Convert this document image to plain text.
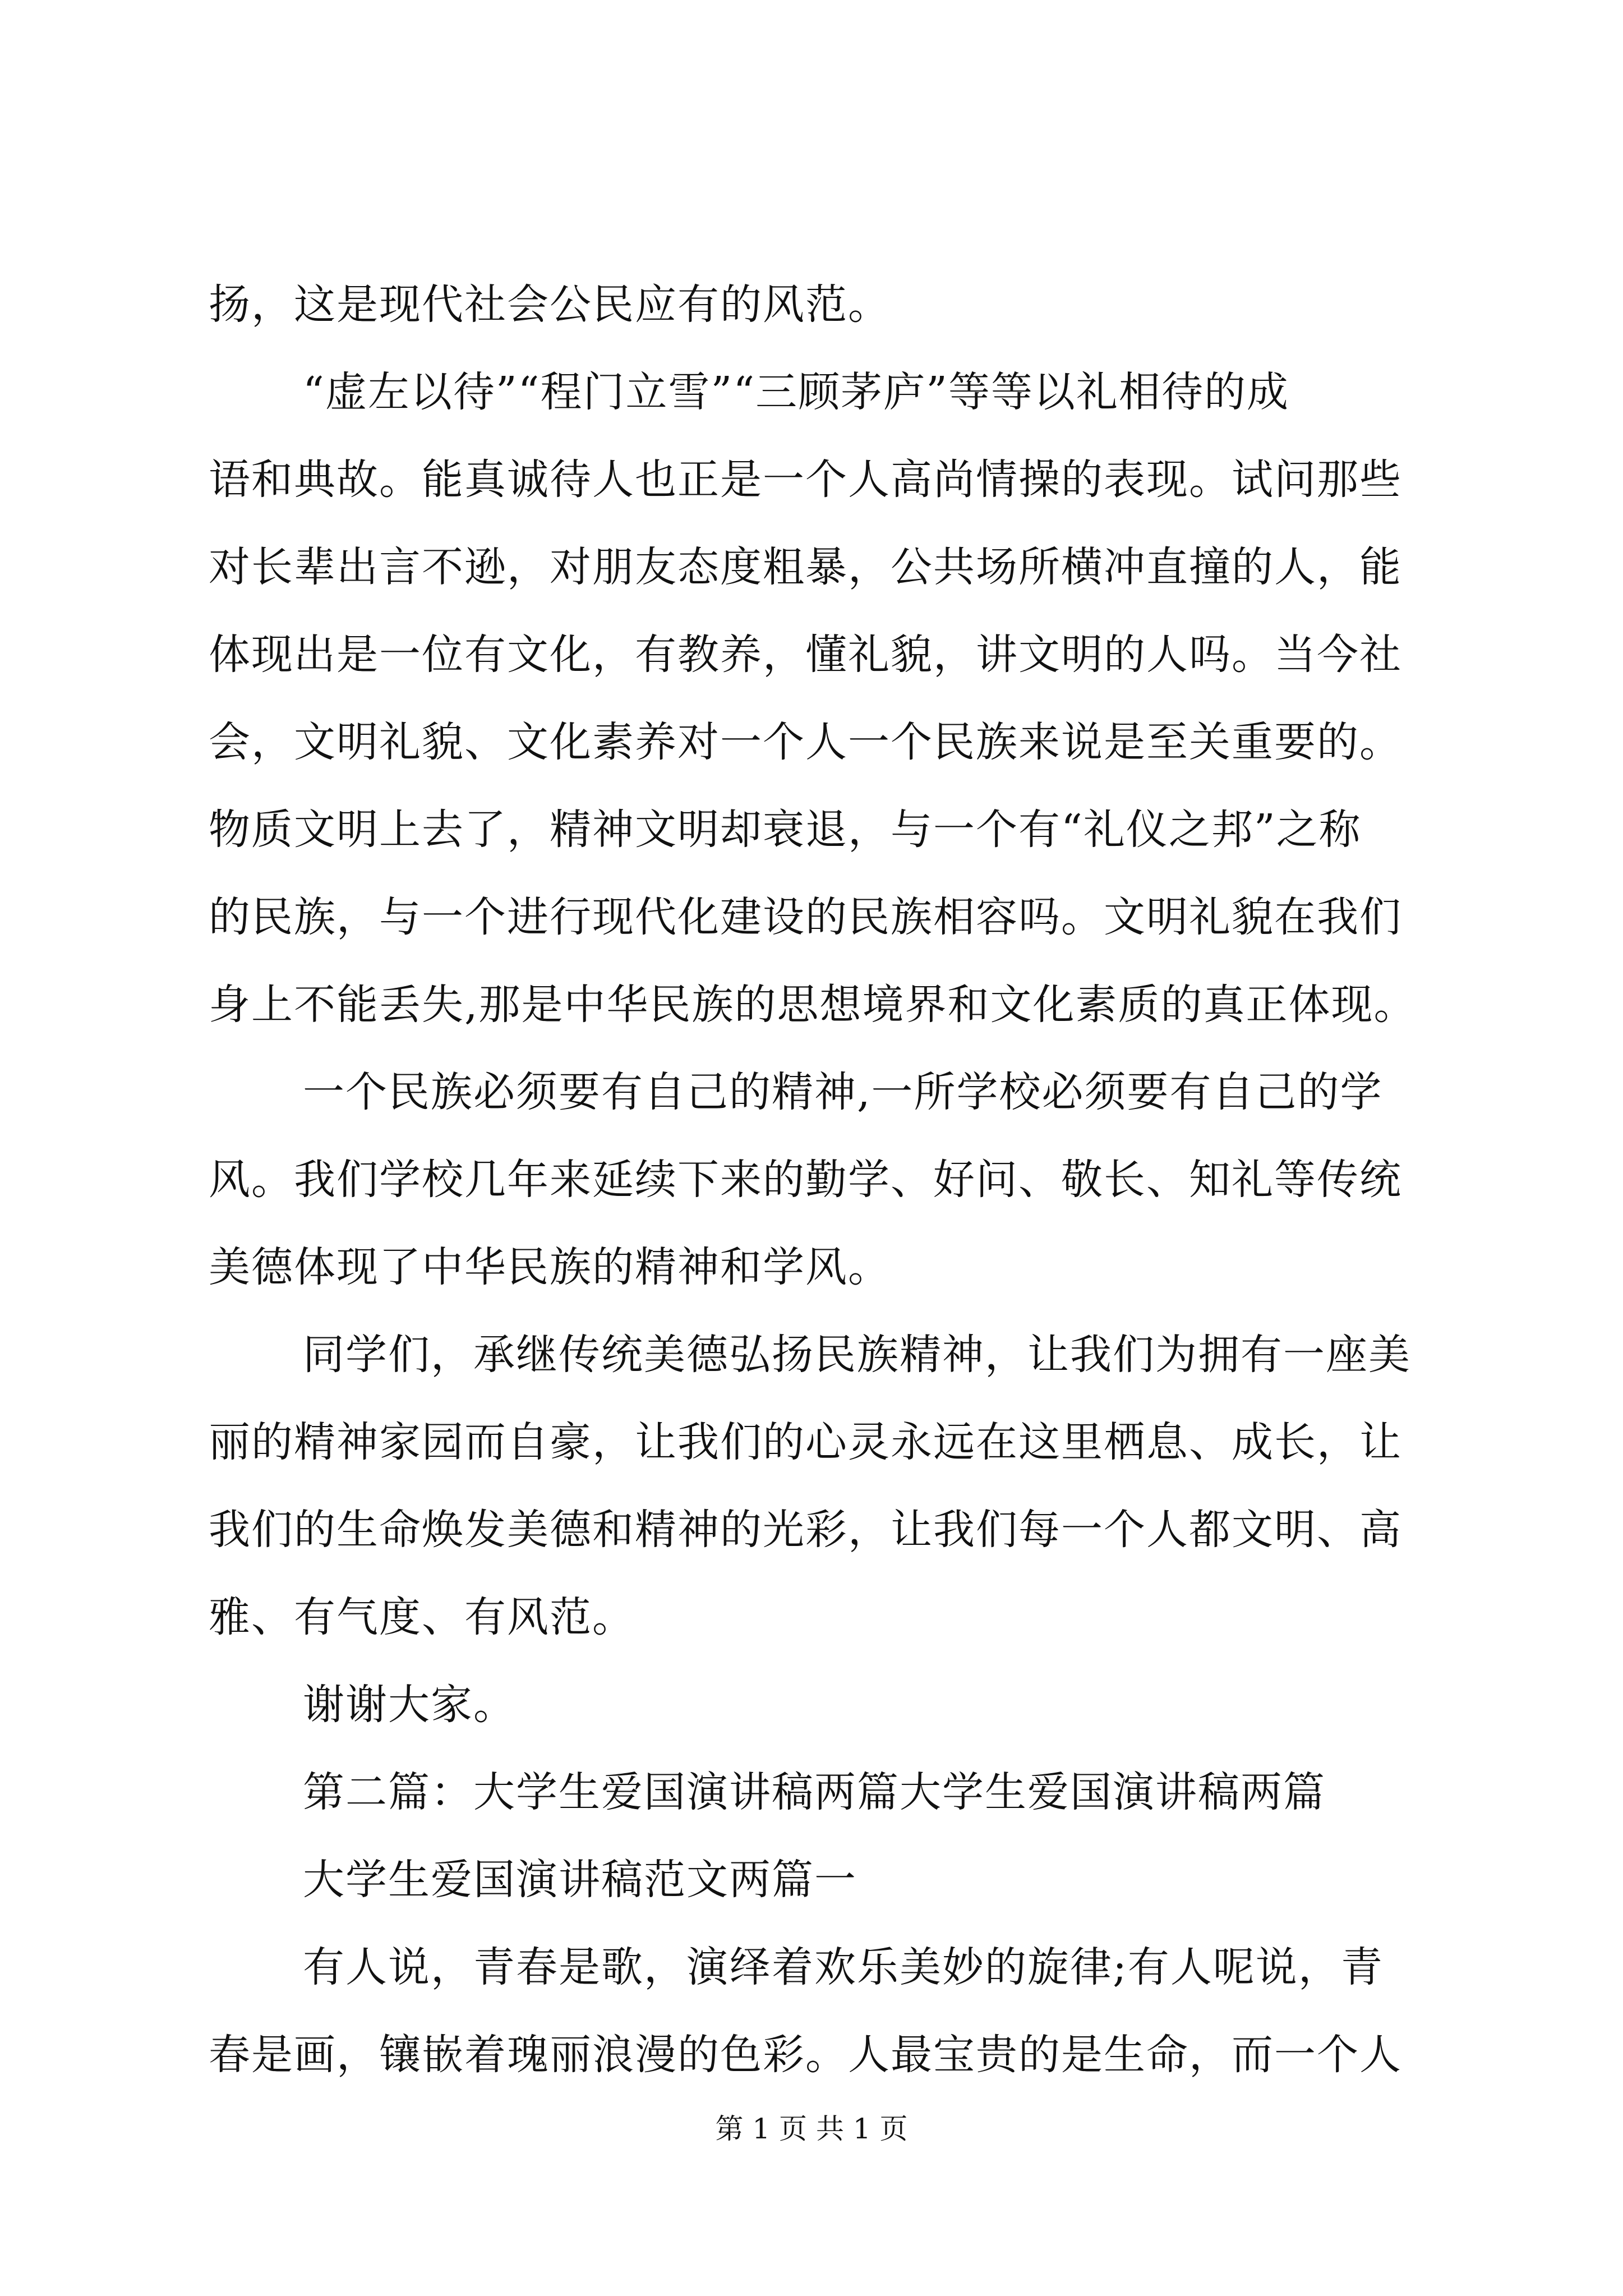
扬，这是现代社会公民应有的风范。
“虚左以待”“程门立雪”“三顾茅庐”等等以礼相待的成
语和典故。能真诚待人也正是一个人高尚情操的表现。试问那些
对长辈出言不逊，对朋友态度粗暴，公共场所横冲直撞的人，能
体现出是一位有文化，有教养，懂礼貌，讲文明的人吗。当今社
会，文明礼貌、文化素养对一个人一个民族来说是至关重要的。
物质文明上去了，精神文明却衰退，与一个有“礼仪之邦”之称
的民族，与一个进行现代化建设的民族相容吗。文明礼貌在我们
身上不能丢失,那是中华民族的思想境界和文化素质的真正体现。
一个民族必须要有自己的精神,一所学校必须要有自己的学
风。我们学校几年来延续下来的勤学、好问、敬长、知礼等传统
美德体现了中华民族的精神和学风。
同学们，承继传统美德弘扬民族精神，让我们为拥有一座美
丽的精神家园而自豪，让我们的心灵永远在这里栖息、成长，让
我们的生命焕发美德和精神的光彩，让我们每一个人都文明、高
雅、有气度、有风范。
谢谢大家。
第二篇：大学生爱国演讲稿两篇大学生爱国演讲稿两篇
大学生爱国演讲稿范文两篇一
有人说，青春是歌，演绎着欢乐美妙的旋律;有人呢说，青
春是画，镶嵌着瑰丽浪漫的色彩。人最宝贵的是生命，而一个人
第 1 页 共 1 页
